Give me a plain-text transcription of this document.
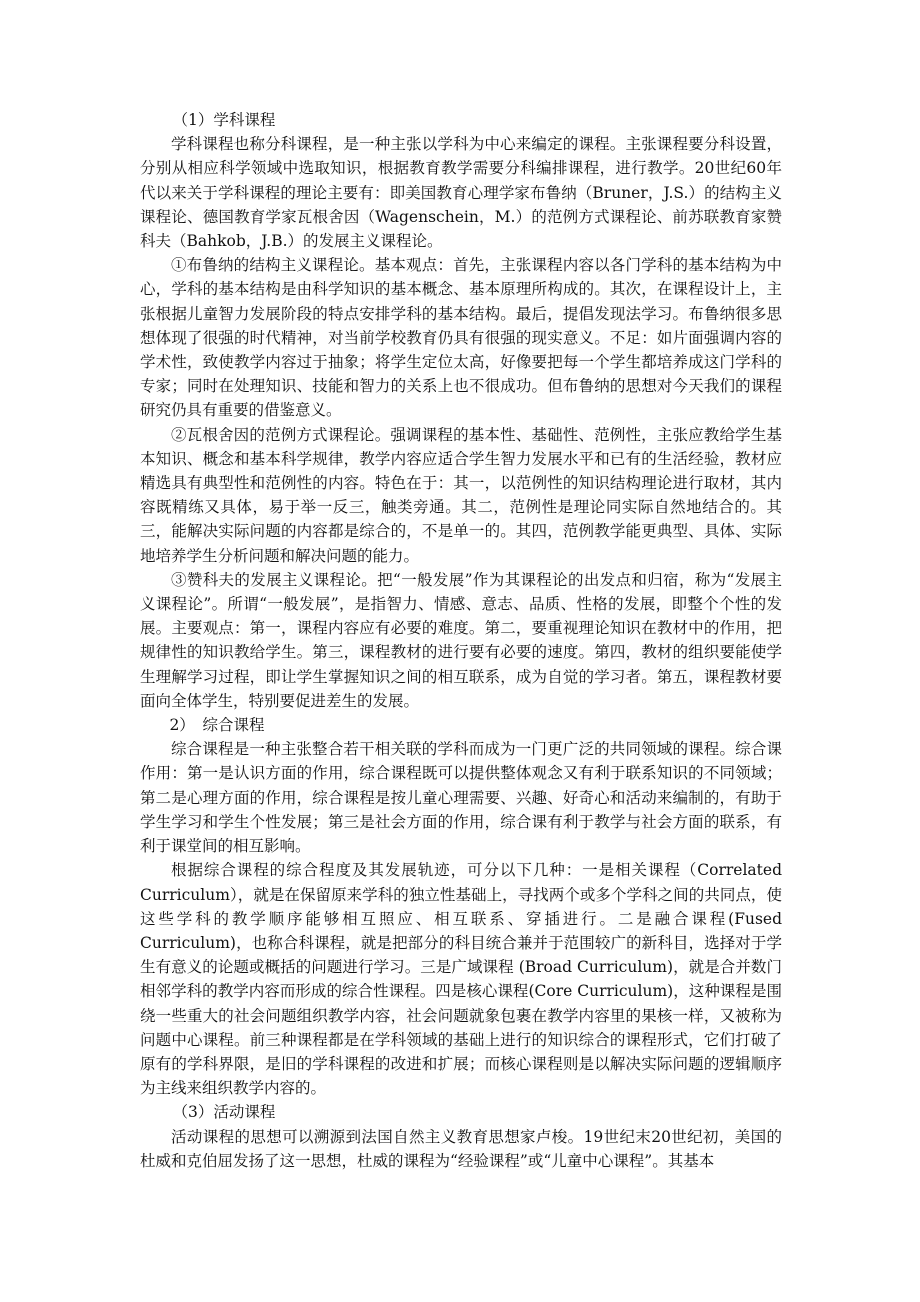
（1）学科课程

学科课程也称分科课程，是一种主张以学科为中心来编定的课程。主张课程要分科设置，分别从相应科学领域中选取知识，根据教育教学需要分科编排课程，进行教学。20世纪60年代以来关于学科课程的理论主要有：即美国教育心理学家布鲁纳（Bruner，J.S.）的结构主义课程论、德国教育学家瓦根舍因（Wagenschein，M.）的范例方式课程论、前苏联教育家赞科夫（Bahkob，J.B.）的发展主义课程论。

①布鲁纳的结构主义课程论。基本观点：首先，主张课程内容以各门学科的基本结构为中心，学科的基本结构是由科学知识的基本概念、基本原理所构成的。其次，在课程设计上，主张根据儿童智力发展阶段的特点安排学科的基本结构。最后，提倡发现法学习。布鲁纳很多思想体现了很强的时代精神，对当前学校教育仍具有很强的现实意义。不足：如片面强调内容的学术性，致使教学内容过于抽象；将学生定位太高，好像要把每一个学生都培养成这门学科的专家；同时在处理知识、技能和智力的关系上也不很成功。但布鲁纳的思想对今天我们的课程研究仍具有重要的借鉴意义。

②瓦根舍因的范例方式课程论。强调课程的基本性、基础性、范例性，主张应教给学生基本知识、概念和基本科学规律，教学内容应适合学生智力发展水平和已有的生活经验，教材应精选具有典型性和范例性的内容。特色在于：其一，以范例性的知识结构理论进行取材，其内容既精练又具体，易于举一反三，触类旁通。其二，范例性是理论同实际自然地结合的。其三，能解决实际问题的内容都是综合的，不是单一的。其四，范例教学能更典型、具体、实际地培养学生分析问题和解决问题的能力。

③赞科夫的发展主义课程论。把“一般发展”作为其课程论的出发点和归宿，称为“发展主义课程论”。所谓“一般发展”，是指智力、情感、意志、品质、性格的发展，即整个个性的发展。主要观点：第一，课程内容应有必要的难度。第二，要重视理论知识在教材中的作用，把规律性的知识教给学生。第三，课程教材的进行要有必要的速度。第四，教材的组织要能使学生理解学习过程，即让学生掌握知识之间的相互联系，成为自觉的学习者。第五，课程教材要面向全体学生，特别要促进差生的发展。

2）　综合课程

综合课程是一种主张整合若干相关联的学科而成为一门更广泛的共同领域的课程。综合课作用：第一是认识方面的作用，综合课程既可以提供整体观念又有利于联系知识的不同领域；第二是心理方面的作用，综合课程是按儿童心理需要、兴趣、好奇心和活动来编制的，有助于学生学习和学生个性发展；第三是社会方面的作用，综合课有利于教学与社会方面的联系，有利于课堂间的相互影响。

根据综合课程的综合程度及其发展轨迹，可分以下几种：一是相关课程（Correlated Curriculum），就是在保留原来学科的独立性基础上，寻找两个或多个学科之间的共同点，使这些学科的教学顺序能够相互照应、相互联系、穿插进行。二是融合课程(Fused Curriculum)，也称合科课程，就是把部分的科目统合兼并于范围较广的新科目，选择对于学生有意义的论题或概括的问题进行学习。三是广域课程 (Broad Curriculum)，就是合并数门相邻学科的教学内容而形成的综合性课程。四是核心课程(Core Curriculum)，这种课程是围绕一些重大的社会问题组织教学内容，社会问题就象包裹在教学内容里的果核一样，又被称为问题中心课程。前三种课程都是在学科领域的基础上进行的知识综合的课程形式，它们打破了原有的学科界限，是旧的学科课程的改进和扩展；而核心课程则是以解决实际问题的逻辑顺序为主线来组织教学内容的。

（3）活动课程

活动课程的思想可以溯源到法国自然主义教育思想家卢梭。19世纪末20世纪初，美国的杜威和克伯屈发扬了这一思想，杜威的课程为“经验课程”或“儿童中心课程”。其基本
